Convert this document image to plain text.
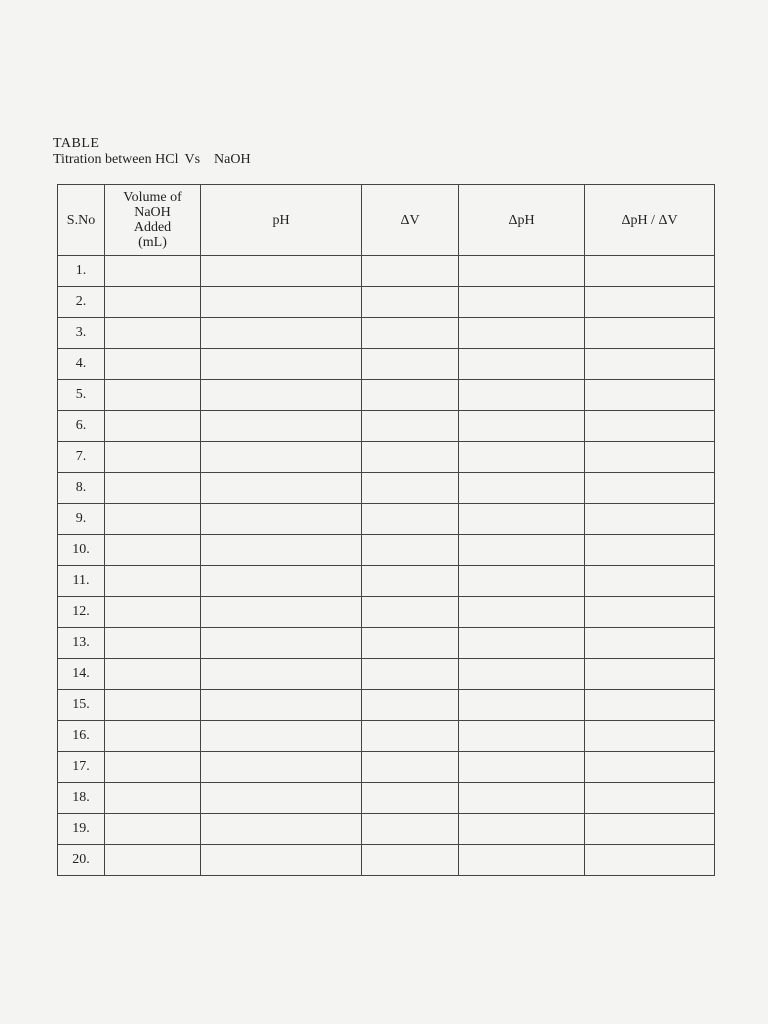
TABLE
Titration between HCl Vs NaOH
S.No	Volume of
NaOH
Added
(mL)	pH	ΔV	ΔpH	ΔpH / ΔV
1.					
2.					
3.					
4.					
5.					
6.					
7.					
8.					
9.					
10.					
11.					
12.					
13.					
14.					
15.					
16.					
17.					
18.					
19.					
20.					
